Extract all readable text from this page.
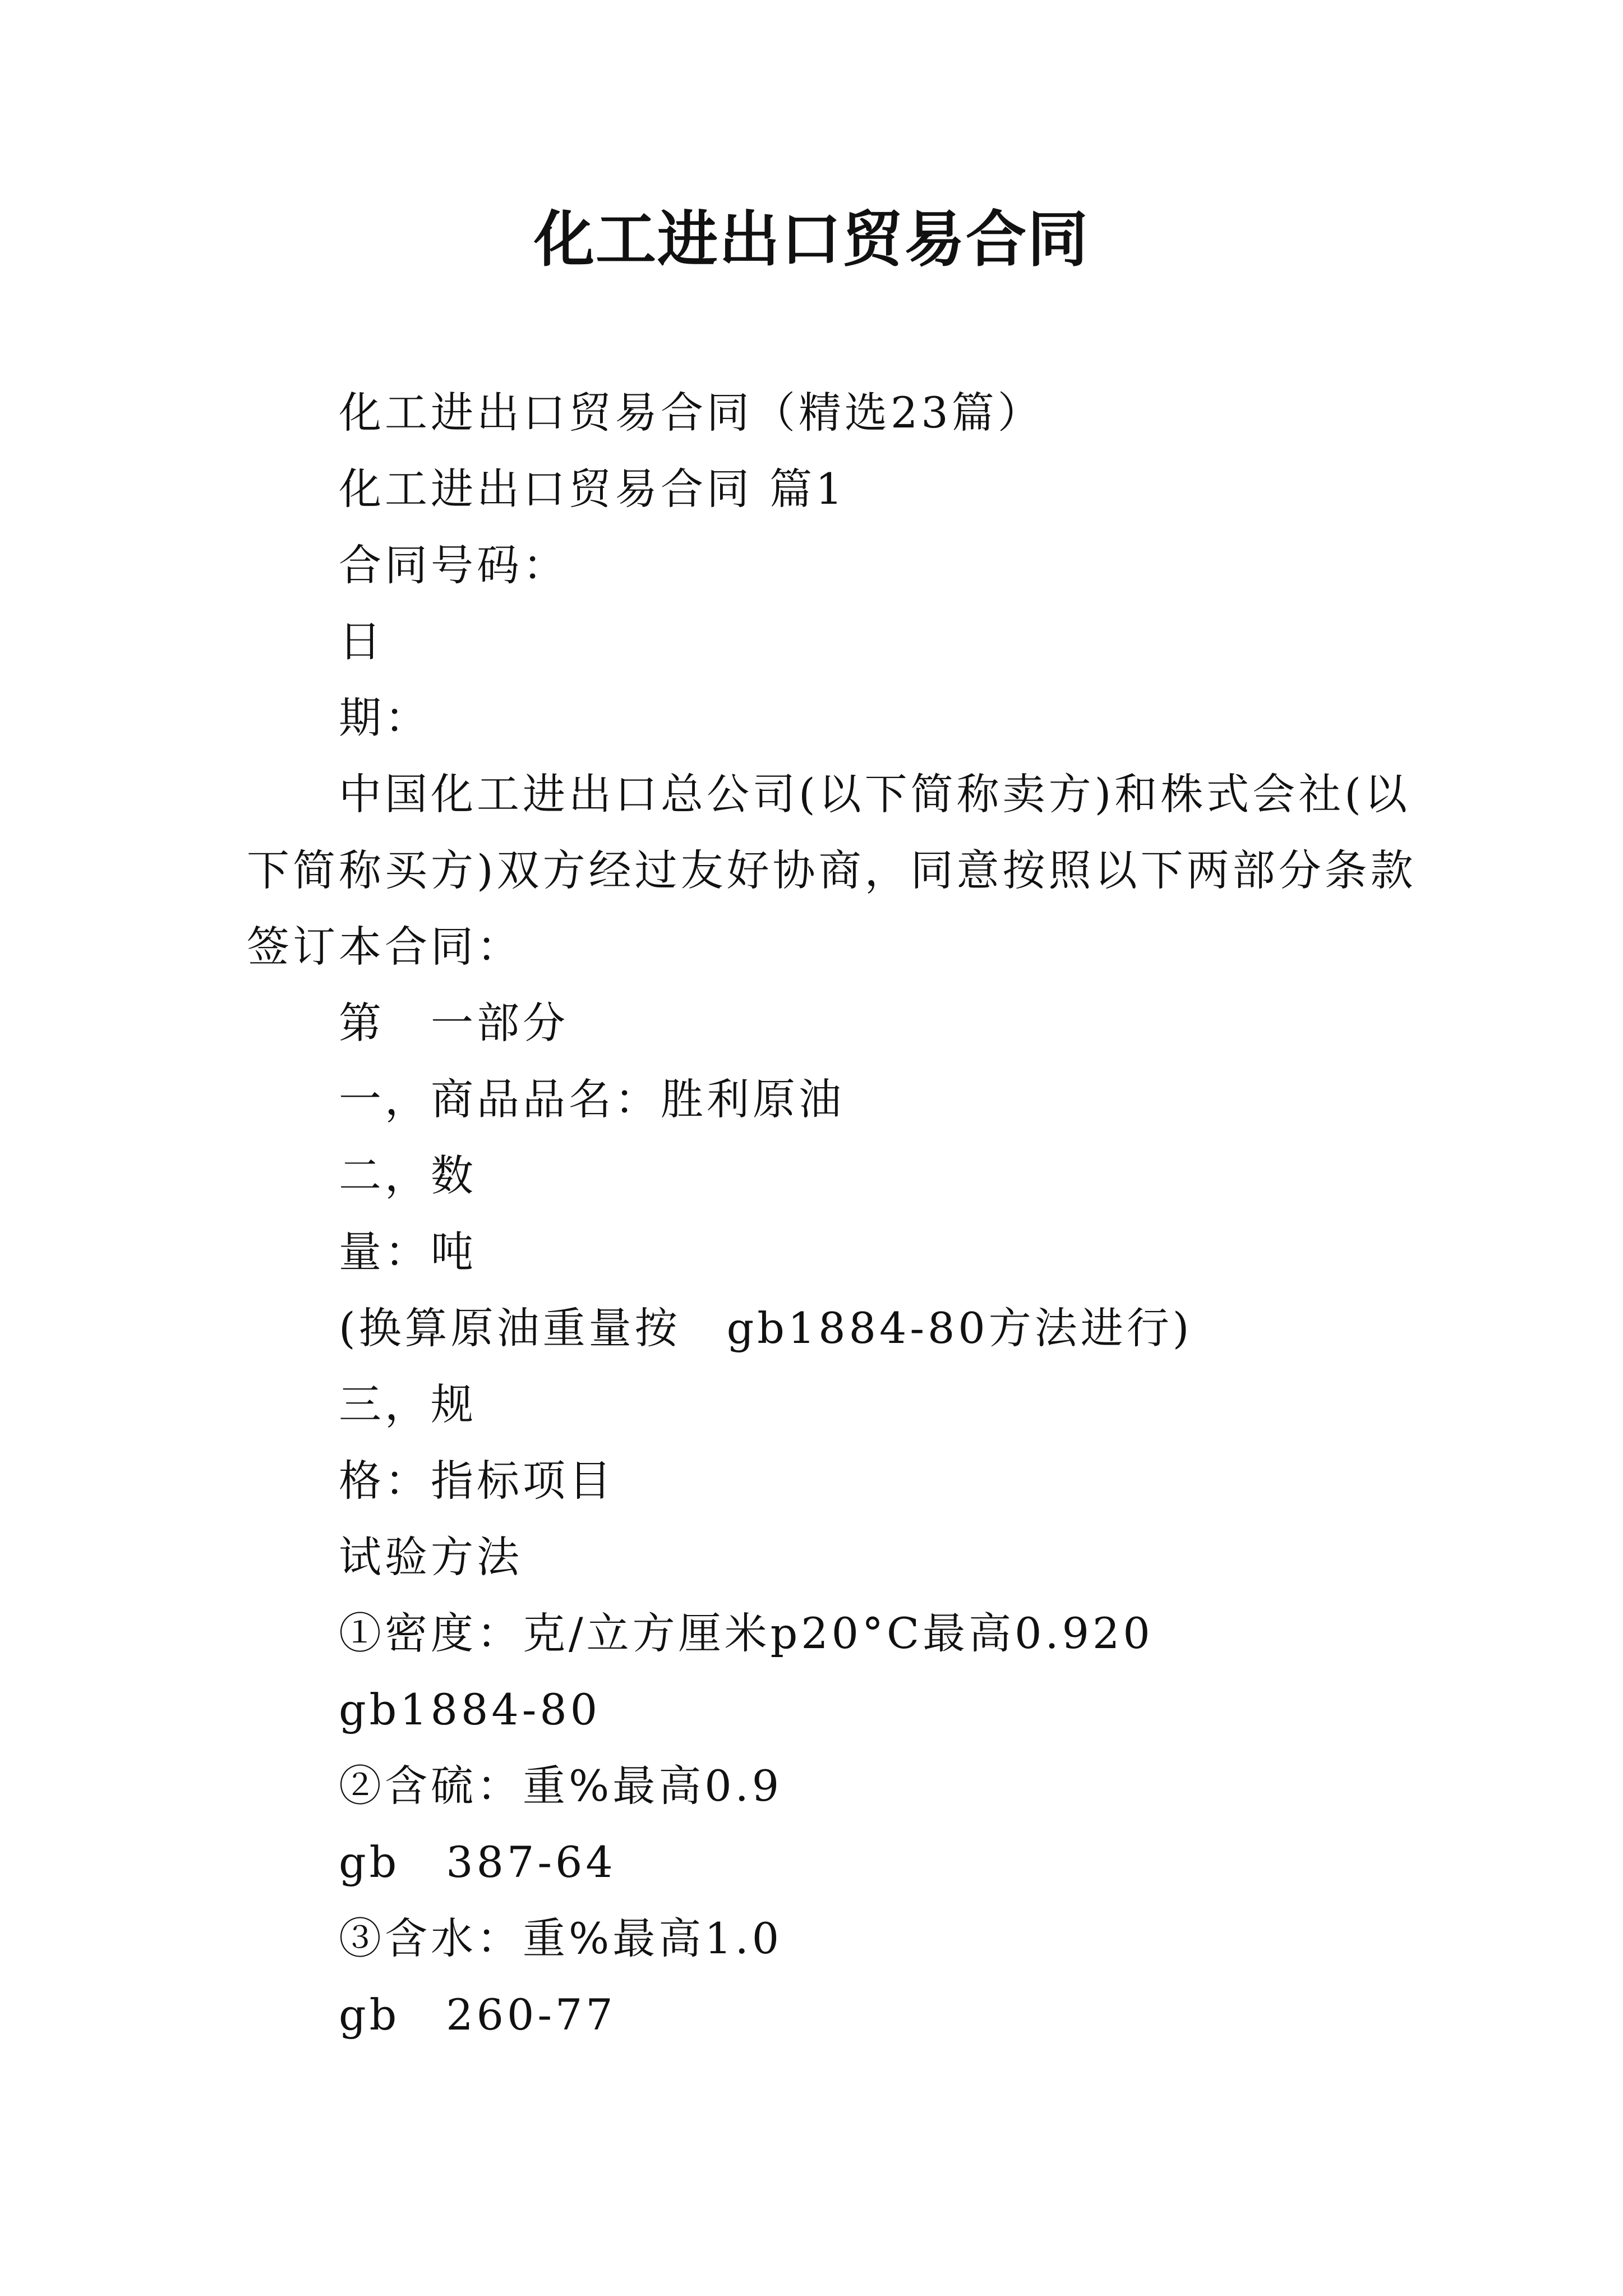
化工进出口贸易合同
化工进出口贸易合同（精选23篇）
化工进出口贸易合同 篇1
合同号码：
日
期：
中国化工进出口总公司(以下简称卖方)和株式会社(以
下简称买方)双方经过友好协商，同意按照以下两部分条款
签订本合同：
第　一部分
一，商品品名：胜利原油
二，数
量：吨
(换算原油重量按　gb1884-80方法进行)
三，规
格：指标项目
试验方法
①密度：克/立方厘米p20°C最高0.920
gb1884-80
②含硫：重%最高0.9
gb　387-64
③含水：重%最高1.0
gb　260-77
